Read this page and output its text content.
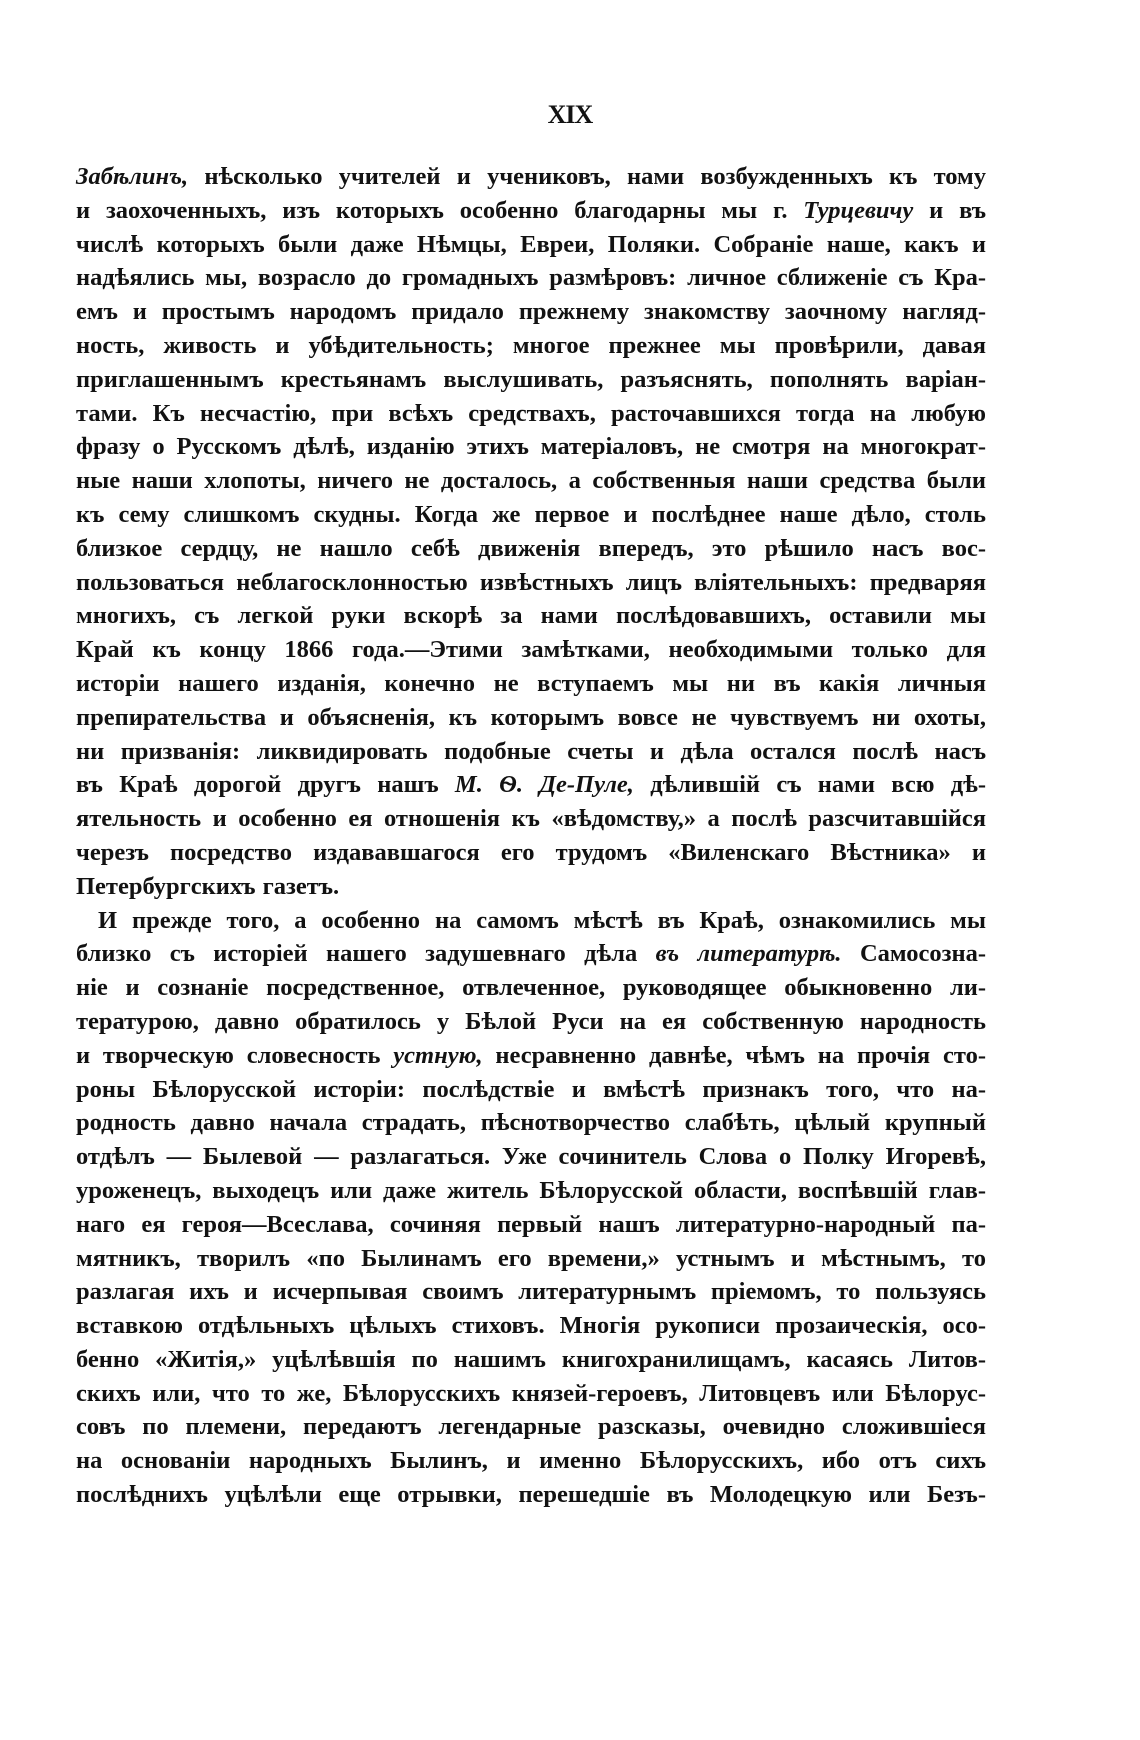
XIX
Забѣлинъ, нѣсколько учителей и учениковъ, нами возбужденныхъ къ тому
и заохоченныхъ, изъ которыхъ особенно благодарны мы г. Турцевичу и въ
числѣ которыхъ были даже Нѣмцы, Евреи, Поляки. Собраніе наше, какъ и
надѣялись мы, возрасло до громадныхъ размѣровъ: личное сближеніе съ Кра-
емъ и простымъ народомъ придало прежнему знакомству заочному нагляд-
ность, живость и убѣдительность; многое прежнее мы провѣрили, давая
приглашеннымъ крестьянамъ выслушивать, разъяснять, пополнять варіан-
тами. Къ несчастію, при всѣхъ средствахъ, расточавшихся тогда на любую
фразу о Русскомъ дѣлѣ, изданію этихъ матеріаловъ, не смотря на многократ-
ные наши хлопоты, ничего не досталось, а собственныя наши средства были
къ сему слишкомъ скудны. Когда же первое и послѣднее наше дѣло, столь
близкое сердцу, не нашло себѣ движенія впередъ, это рѣшило насъ вос-
пользоваться неблагосклонностью извѣстныхъ лицъ вліятельныхъ: предваряя
многихъ, съ легкой руки вскорѣ за нами послѣдовавшихъ, оставили мы
Край къ концу 1866 года.—Этими замѣтками, необходимыми только для
исторіи нашего изданія, конечно не вступаемъ мы ни въ какія личныя
препирательства и объясненія, къ которымъ вовсе не чувствуемъ ни охоты,
ни призванія: ликвидировать подобные счеты и дѣла остался послѣ насъ
въ Краѣ дорогой другъ нашъ М. Ѳ. Де-Пуле, дѣлившій съ нами всю дѣ-
ятельность и особенно ея отношенія къ «вѣдомству,» а послѣ разсчитавшійся
черезъ посредство издававшагося его трудомъ «Виленскаго Вѣстника» и
Петербургскихъ газетъ.
И прежде того, а особенно на самомъ мѣстѣ въ Краѣ, ознакомились мы
близко съ исторіей нашего задушевнаго дѣла въ литературѣ. Самосозна-
ніе и сознаніе посредственное, отвлеченное, руководящее обыкновенно ли-
тературою, давно обратилось у Бѣлой Руси на ея собственную народность
и творческую словесность устную, несравненно давнѣе, чѣмъ на прочія сто-
роны Бѣлорусской исторіи: послѣдствіе и вмѣстѣ признакъ того, что на-
родность давно начала страдать, пѣснотворчество слабѣть, цѣлый крупный
отдѣлъ — Былевой — разлагаться. Уже сочинитель Слова о Полку Игоревѣ,
уроженецъ, выходецъ или даже житель Бѣлорусской области, воспѣвшій глав-
наго ея героя—Всеслава, сочиняя первый нашъ литературно-народный па-
мятникъ, творилъ «по Былинамъ его времени,» устнымъ и мѣстнымъ, то
разлагая ихъ и исчерпывая своимъ литературнымъ пріемомъ, то пользуясь
вставкою отдѣльныхъ цѣлыхъ стиховъ. Многія рукописи прозаическія, осо-
бенно «Житія,» уцѣлѣвшія по нашимъ книгохранилищамъ, касаясь Литов-
скихъ или, что то же, Бѣлорусскихъ князей-героевъ, Литовцевъ или Бѣлорус-
совъ по племени, передаютъ легендарные разсказы, очевидно сложившіеся
на основаніи народныхъ Былинъ, и именно Бѣлорусскихъ, ибо отъ сихъ
послѣднихъ уцѣлѣли еще отрывки, перешедшіе въ Молодецкую или Безъ-
